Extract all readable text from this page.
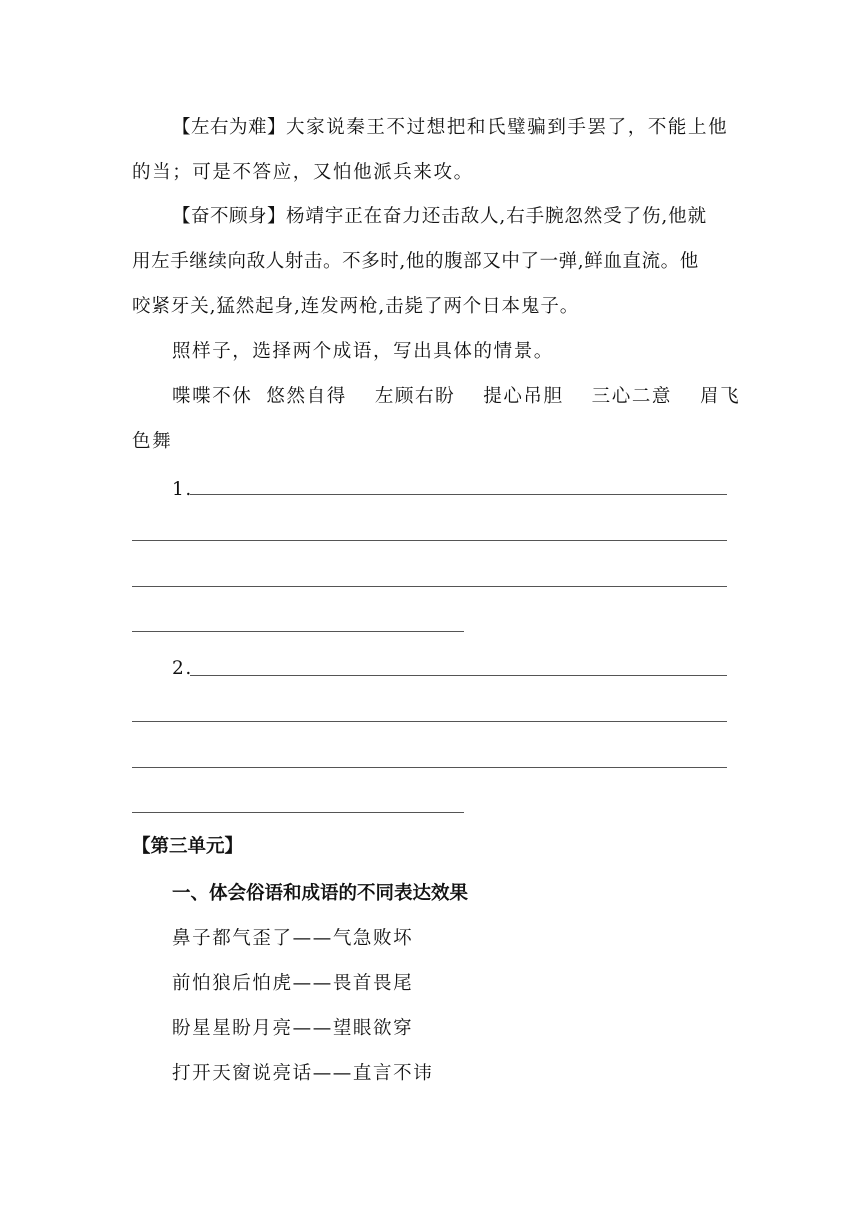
【左右为难】大家说秦王不过想把和氏璧骗到手罢了，不能上他
的当；可是不答应，又怕他派兵来攻。
【奋不顾身】杨靖宇正在奋力还击敌人,右手腕忽然受了伤,他就
用左手继续向敌人射击。不多时,他的腹部又中了一弹,鲜血直流。他
咬紧牙关,猛然起身,连发两枪,击毙了两个日本鬼子。
照样子，选择两个成语，写出具体的情景。
喋喋不休 悠然自得 左顾右盼 提心吊胆 三心二意 眉飞
色舞
1.
2.
【第三单元】
一、体会俗语和成语的不同表达效果
鼻子都气歪了——气急败坏
前怕狼后怕虎——畏首畏尾
盼星星盼月亮——望眼欲穿
打开天窗说亮话——直言不讳
